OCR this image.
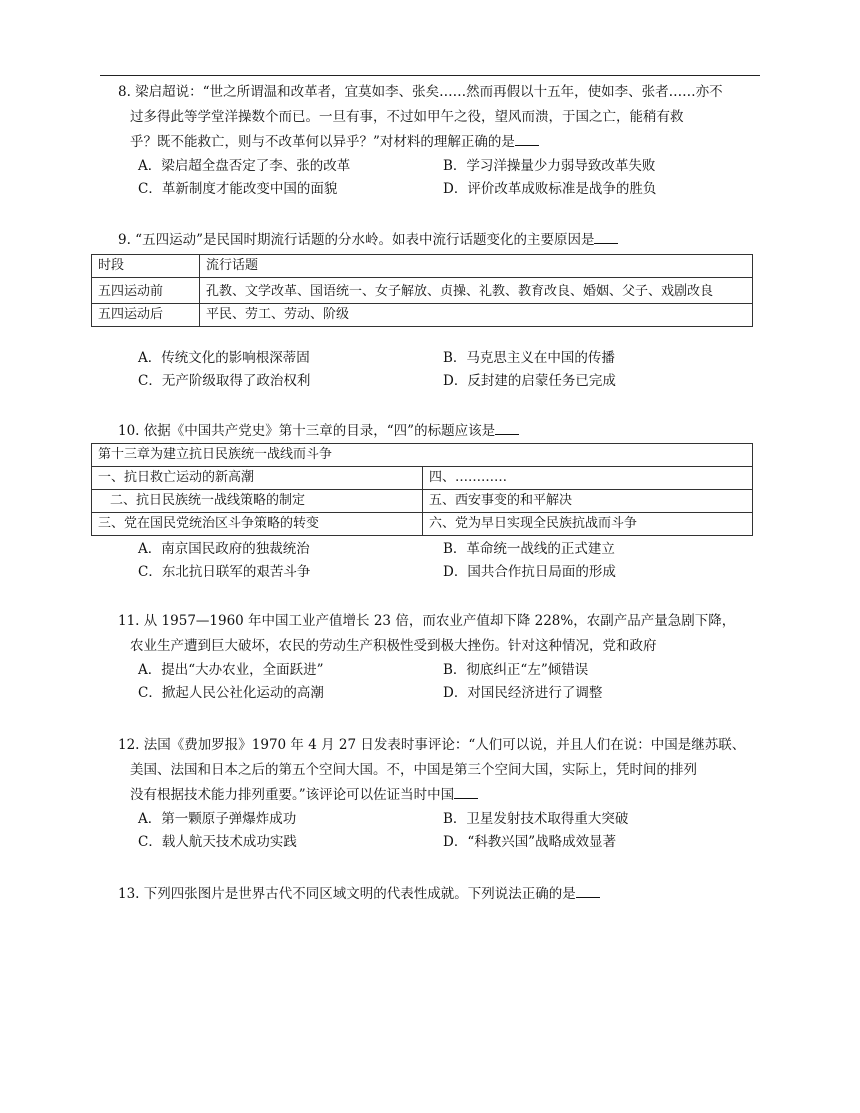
8. 梁启超说：“世之所谓温和改革者，宜莫如李、张矣……然而再假以十五年，使如李、张者……亦不
过多得此等学堂洋操数个而已。一旦有事，不过如甲午之役，望风而溃，于国之亡，能稍有救
乎？既不能救亡，则与不改革何以异乎？”对材料的理解正确的是
A．梁启超全盘否定了李、张的改革	B．学习洋操量少力弱导致改革失败
C．革新制度才能改变中国的面貌	D．评价改革成败标准是战争的胜负
9. “五四运动”是民国时期流行话题的分水岭。如表中流行话题变化的主要原因是
时段	流行话题
五四运动前	孔教、文学改革、国语统一、女子解放、贞操、礼教、教育改良、婚姻、父子、戏剧改良
五四运动后	平民、劳工、劳动、阶级
A．传统文化的影响根深蒂固	B．马克思主义在中国的传播
C．无产阶级取得了政治权利	D．反封建的启蒙任务已完成
10. 依据《中国共产党史》第十三章的目录，“四”的标题应该是
第十三章为建立抗日民族统一战线而斗争	
一、抗日救亡运动的新高潮	四、…………
二、抗日民族统一战线策略的制定	五、西安事变的和平解决
三、党在国民党统治区斗争策略的转变	六、党为早日实现全民族抗战而斗争
A．南京国民政府的独裁统治	B．革命统一战线的正式建立
C．东北抗日联军的艰苦斗争	D．国共合作抗日局面的形成
11. 从 1957—1960 年中国工业产值增长 23 倍，而农业产值却下降 228%，农副产品产量急剧下降，
农业生产遭到巨大破坏，农民的劳动生产积极性受到极大挫伤。针对这种情况，党和政府
A．提出“大办农业，全面跃进”	B．彻底纠正“左”倾错误
C．掀起人民公社化运动的高潮	D．对国民经济进行了调整
12. 法国《费加罗报》1970 年 4 月 27 日发表时事评论：“人们可以说，并且人们在说：中国是继苏联、
美国、法国和日本之后的第五个空间大国。不，中国是第三个空间大国，实际上，凭时间的排列
没有根据技术能力排列重要。”该评论可以佐证当时中国
A．第一颗原子弹爆炸成功	B．卫星发射技术取得重大突破
C．载人航天技术成功实践	D．“科教兴国”战略成效显著
13. 下列四张图片是世界古代不同区域文明的代表性成就。下列说法正确的是
